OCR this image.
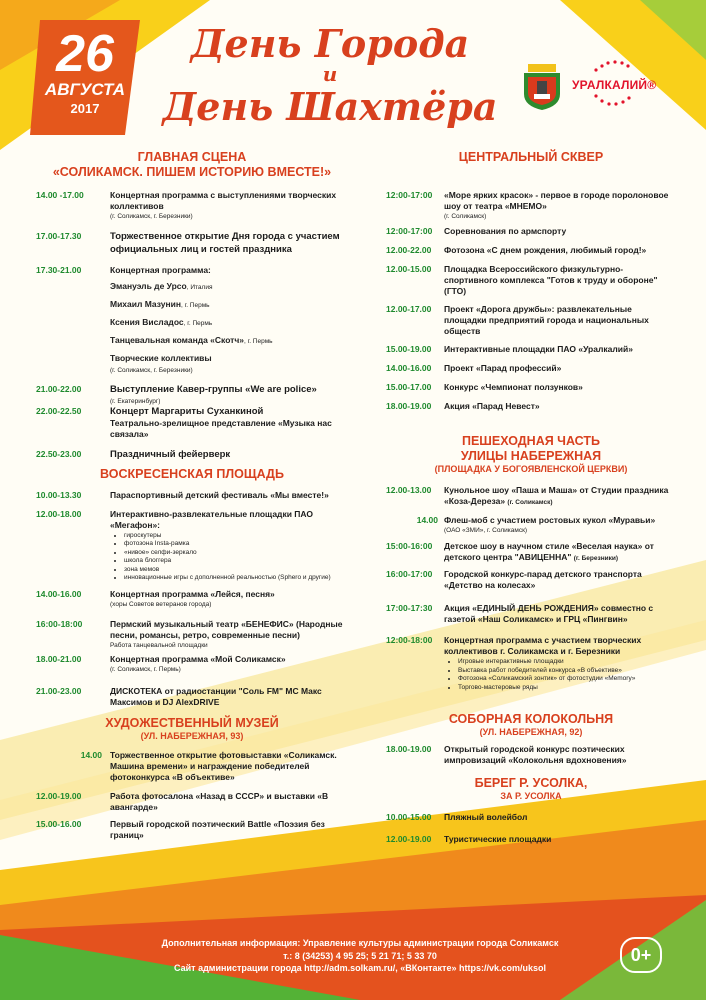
26
АВГУСТА
2017
День Города
и
День Шахтёра	УРАЛКАЛИЙ®
ГЛАВНАЯ СЦЕНА
«СОЛИКАМСК. ПИШЕМ ИСТОРИЮ ВМЕСТЕ!»
14.00 -17.00	Концертная программа с выступлениями творческих коллективов
(г. Соликамск, г. Березники)
17.00-17.30	Торжественное открытие Дня города с участием официальных лиц и гостей праздника
17.30-21.00	Концертная программа:
Эмануэль де Урсо, Италия
Михаил Мазунин, г. Пермь
Ксения Висладос, г. Пермь
Танцевальная команда «Скотч», г. Пермь
Творческие коллективы
(г. Соликамск, г. Березники)
21.00-22.00	Выступление Кавер-группы «We are police»
(г. Екатеринбург)
22.00-22.50	Концерт Маргариты Суханкиной
Театрально-зрелищное представление «Музыка нас связала»
22.50-23.00	Праздничный фейерверк
ВОСКРЕСЕНСКАЯ ПЛОЩАДЬ
10.00-13.30	Параспортивный детский фестиваль «Мы вместе!»
12.00-18.00	Интерактивно-развлекательные площадки ПАО «Мегафон»:
• гироскутеры
• фотозона Insta-рамка
• «нивое» селфи-зеркало
• школа блоггера
• зона мемов
• инновационные игры с дополненной реальностью (Sphero и другие)
14.00-16.00	Концертная программа «Лейся, песня»
(хоры Советов ветеранов города)
16:00-18:00	Пермский музыкальный театр «БЕНЕФИС» (Народные песни, романсы, ретро, современные песни)
Работа танцевальной площадки
18.00-21.00	Концертная программа «Мой Соликамск»
(г. Соликамск, г. Пермь)
21.00-23.00	ДИСКОТЕКА от радиостанции "Соль FM" МС Макс Максимов и DJ AlexDRIVE
ХУДОЖЕСТВЕННЫЙ МУЗЕЙ
(УЛ. НАБЕРЕЖНАЯ, 93)
14.00 Торжественное открытие фотовыставки «Соликамск. Машина времени» и награждение победителей фотоконкурса «В объективе»
12.00-19.00	Работа фотосалона «Назад в СССР» и выставки «В авангарде»
15.00-16.00	Первый городской поэтический Battle «Поэзия без границ»
ЦЕНТРАЛЬНЫЙ СКВЕР
12:00-17:00	«Море ярких красок» - первое в городе поролоновое шоу от театра «МНЕМО»
(г. Соликамск)
12:00-17:00	Соревнования по армспорту
12.00-22.00	Фотозона «С днем рождения, любимый город!»
12.00-15.00	Площадка Всероссийского физкультурно-спортивного комплекса "Готов к труду и обороне" (ГТО)
12.00-17.00	Проект «Дорога дружбы»: развлекательные площадки предприятий города и национальных обществ
15.00-19.00	Интерактивные площадки ПАО «Уралкалий»
14.00-16.00	Проект «Парад профессий»
15.00-17.00	Конкурс «Чемпионат ползунков»
18.00-19.00	Акция «Парад Невест»
ПЕШЕХОДНАЯ ЧАСТЬ
УЛИЦЫ НАБЕРЕЖНАЯ
(ПЛОЩАДКА У БОГОЯВЛЕНСКОЙ ЦЕРКВИ)
12.00-13.00	Кунольное шоу «Паша и Маша» от Студии праздника «Коза-Дереза» (г. Соликамск)
14.00 Флеш-моб с участием ростовых кукол «Муравьи»
(ОАО «ЗМИ», г. Соликамск)
15:00-16:00	Детское шоу в научном стиле «Веселая наука» от детского центра "АВИЦЕННА" (г. Березники)
16:00-17:00	Городской конкурс-парад детского транспорта «Детство на колесах»
17:00-17:30	Акция «ЕДИНЫЙ ДЕНЬ РОЖДЕНИЯ» совместно с газетой «Наш Соликамск» и ГРЦ «Пингвин»
12:00-18:00	Концертная программа с участием творческих коллективов г. Соликамска и г. Березники
• Игровые интерактивные площадки
• Выставка работ победителей конкурса «В объективе»
• Фотозона «Соликамский зонтик» от фотостудии «Memory»
• Торгово-мастеровые ряды
СОБОРНАЯ КОЛОКОЛЬНЯ
(УЛ. НАБЕРЕЖНАЯ, 92)
18.00-19.00	Открытый городской конкурс поэтических импровизаций «Колокольня вдохновения»
БЕРЕГ Р. УСОЛКА,
ЗА Р. УСОЛКА
10.00-15.00	Пляжный волейбол
12.00-19.00	Туристические площадки
Дополнительная информация: Управление культуры администрации города Соликамск
т.: 8 (34253) 4 95 25; 5 21 71; 5 33 70
Сайт администрации города http://adm.solkam.ru/, «ВКонтакте» https://vk.com/uksol
0+
